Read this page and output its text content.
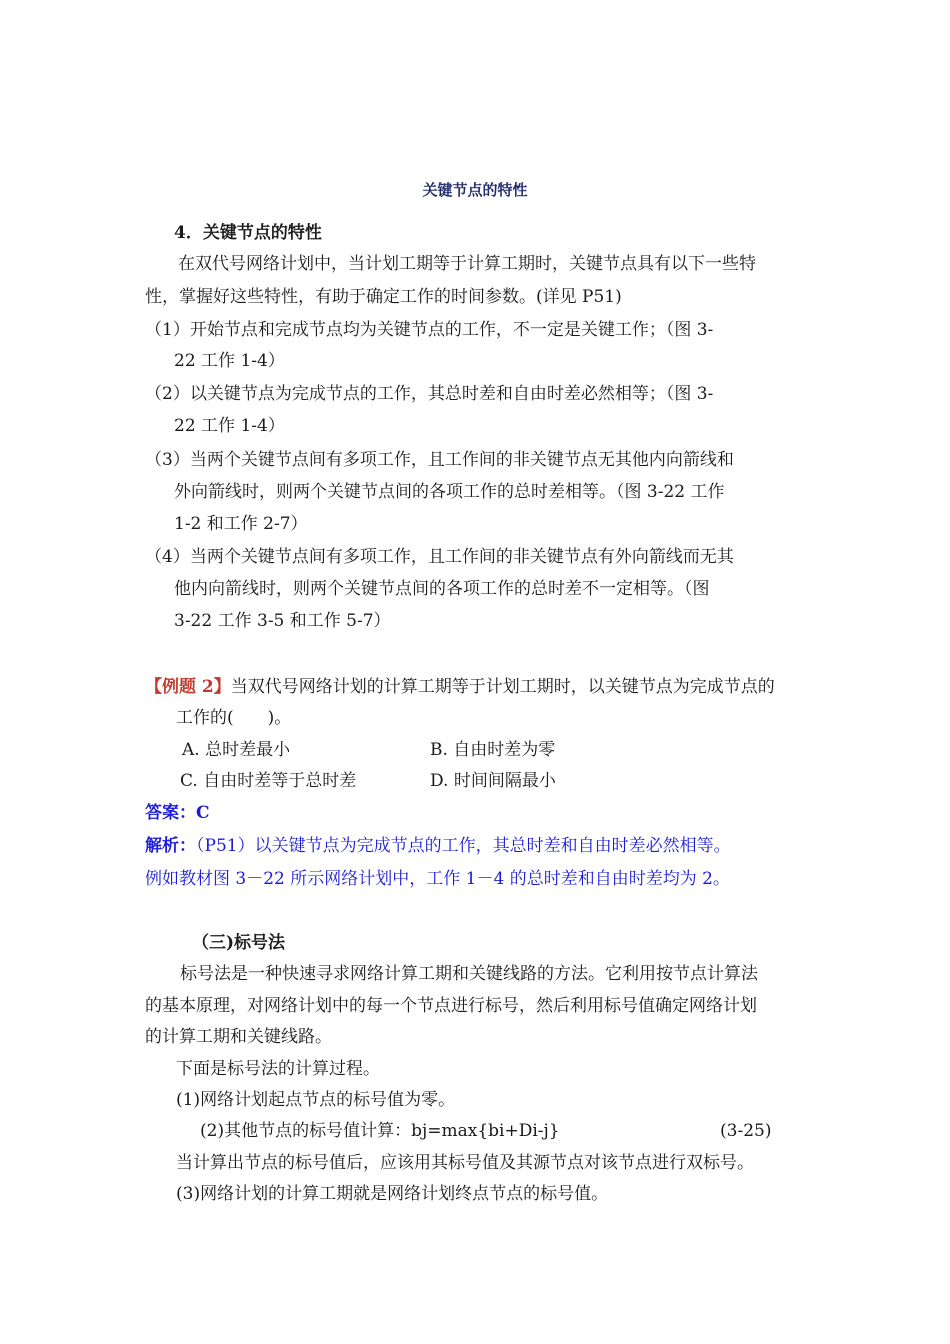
关键节点的特性
4．关键节点的特性
在双代号网络计划中，当计划工期等于计算工期时，关键节点具有以下一些特
性，掌握好这些特性，有助于确定工作的时间参数。(详见 P51)
（1）开始节点和完成节点均为关键节点的工作，不一定是关键工作；（图 3-
22 工作 1-4）
（2）以关键节点为完成节点的工作，其总时差和自由时差必然相等；（图 3-
22 工作 1-4）
（3）当两个关键节点间有多项工作，且工作间的非关键节点无其他内向箭线和
外向箭线时，则两个关键节点间的各项工作的总时差相等。（图 3-22 工作
1-2 和工作 2-7）
（4）当两个关键节点间有多项工作，且工作间的非关键节点有外向箭线而无其
他内向箭线时，则两个关键节点间的各项工作的总时差不一定相等。（图
3-22 工作 3-5 和工作 5-7）
【例题 2】当双代号网络计划的计算工期等于计划工期时，以关键节点为完成节点的
工作的(　　)。
A. 总时差最小	B. 自由时差为零
C. 自由时差等于总时差	D. 时间间隔最小
答案：C
解析：（P51）以关键节点为完成节点的工作，其总时差和自由时差必然相等。
例如教材图 3－22 所示网络计划中，工作 1－4 的总时差和自由时差均为 2。
（三)标号法
标号法是一种快速寻求网络计算工期和关键线路的方法。它利用按节点计算法
的基本原理，对网络计划中的每一个节点进行标号，然后利用标号值确定网络计划
的计算工期和关键线路。
下面是标号法的计算过程。
(1)网络计划起点节点的标号值为零。
(2)其他节点的标号值计算：bj=max{bi+Di-j}	(3-25)
当计算出节点的标号值后，应该用其标号值及其源节点对该节点进行双标号。
(3)网络计划的计算工期就是网络计划终点节点的标号值。
